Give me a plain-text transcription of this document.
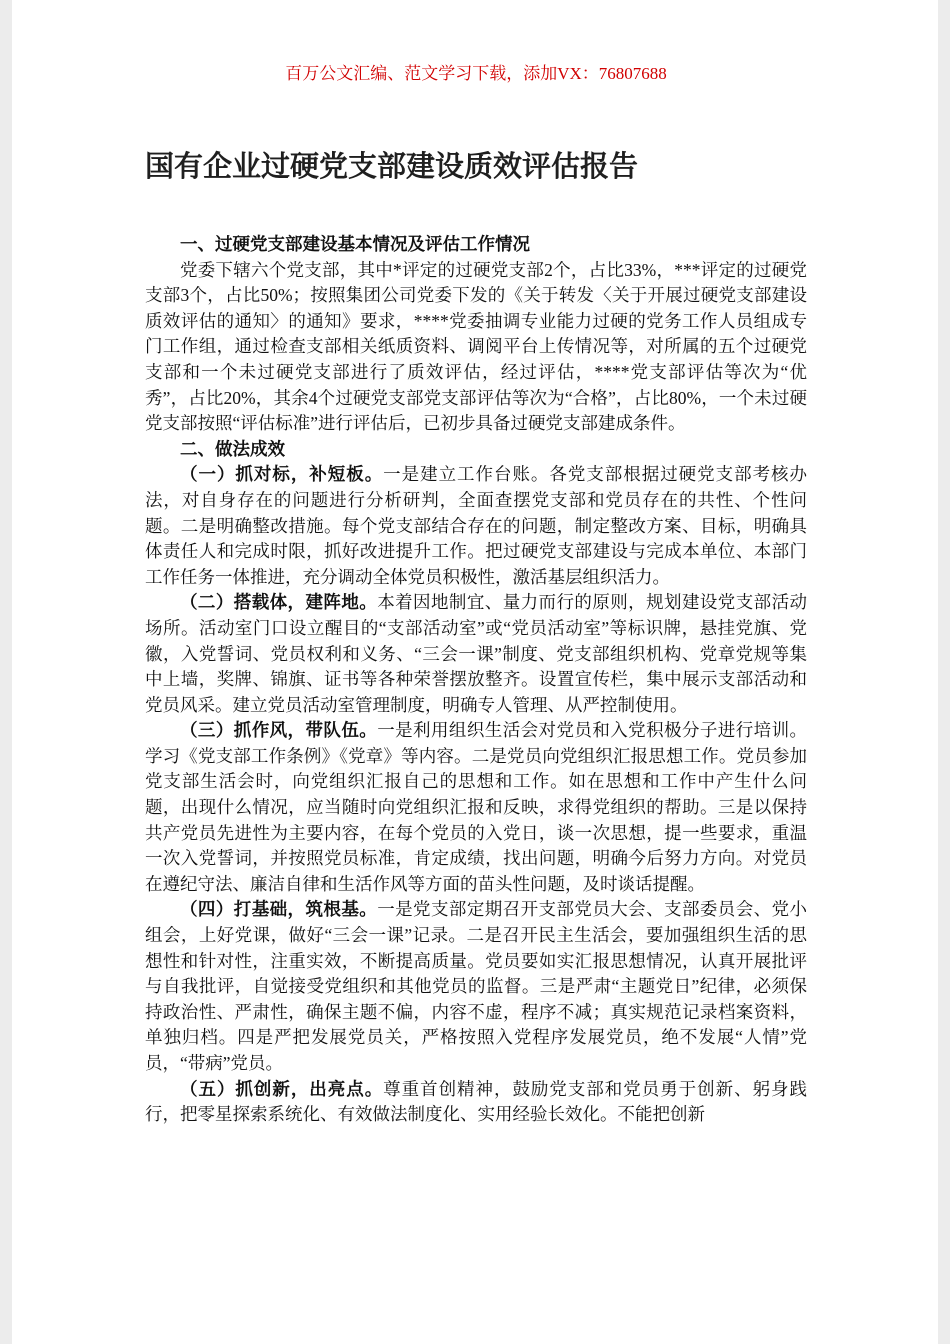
百万公文汇编、范文学习下载，添加VX：76807688
国有企业过硬党支部建设质效评估报告

一、过硬党支部建设基本情况及评估工作情况

党委下辖六个党支部，其中*评定的过硬党支部2个，占比33%，***评定的过硬党支部3个，占比50%；按照集团公司党委下发的《关于转发〈关于开展过硬党支部建设质效评估的通知〉的通知》要求，****党委抽调专业能力过硬的党务工作人员组成专门工作组，通过检查支部相关纸质资料、调阅平台上传情况等，对所属的五个过硬党支部和一个未过硬党支部进行了质效评估，经过评估，****党支部评估等次为“优秀”，占比20%，其余4个过硬党支部党支部评估等次为“合格”，占比80%，一个未过硬党支部按照“评估标准”进行评估后，已初步具备过硬党支部建成条件。

二、做法成效

（一）抓对标，补短板。一是建立工作台账。各党支部根据过硬党支部考核办法，对自身存在的问题进行分析研判，全面查摆党支部和党员存在的共性、个性问题。二是明确整改措施。每个党支部结合存在的问题，制定整改方案、目标，明确具体责任人和完成时限，抓好改进提升工作。把过硬党支部建设与完成本单位、本部门工作任务一体推进，充分调动全体党员积极性，激活基层组织活力。

（二）搭载体，建阵地。本着因地制宜、量力而行的原则，规划建设党支部活动场所。活动室门口设立醒目的“支部活动室”或“党员活动室”等标识牌，悬挂党旗、党徽，入党誓词、党员权利和义务、“三会一课”制度、党支部组织机构、党章党规等集中上墙，奖牌、锦旗、证书等各种荣誉摆放整齐。设置宣传栏，集中展示支部活动和党员风采。建立党员活动室管理制度，明确专人管理、从严控制使用。

（三）抓作风，带队伍。一是利用组织生活会对党员和入党积极分子进行培训。学习《党支部工作条例》《党章》等内容。二是党员向党组织汇报思想工作。党员参加党支部生活会时，向党组织汇报自己的思想和工作。如在思想和工作中产生什么问题，出现什么情况，应当随时向党组织汇报和反映，求得党组织的帮助。三是以保持共产党员先进性为主要内容，在每个党员的入党日，谈一次思想，提一些要求，重温一次入党誓词，并按照党员标准，肯定成绩，找出问题，明确今后努力方向。对党员在遵纪守法、廉洁自律和生活作风等方面的苗头性问题，及时谈话提醒。

（四）打基础，筑根基。一是党支部定期召开支部党员大会、支部委员会、党小组会，上好党课，做好“三会一课”记录。二是召开民主生活会，要加强组织生活的思想性和针对性，注重实效，不断提高质量。党员要如实汇报思想情况，认真开展批评与自我批评，自觉接受党组织和其他党员的监督。三是严肃“主题党日”纪律，必须保持政治性、严肃性，确保主题不偏，内容不虚，程序不减；真实规范记录档案资料，单独归档。四是严把发展党员关，严格按照入党程序发展党员，绝不发展“人情”党员，“带病”党员。

（五）抓创新，出亮点。尊重首创精神，鼓励党支部和党员勇于创新、躬身践行，把零星探索系统化、有效做法制度化、实用经验长效化。不能把创新
